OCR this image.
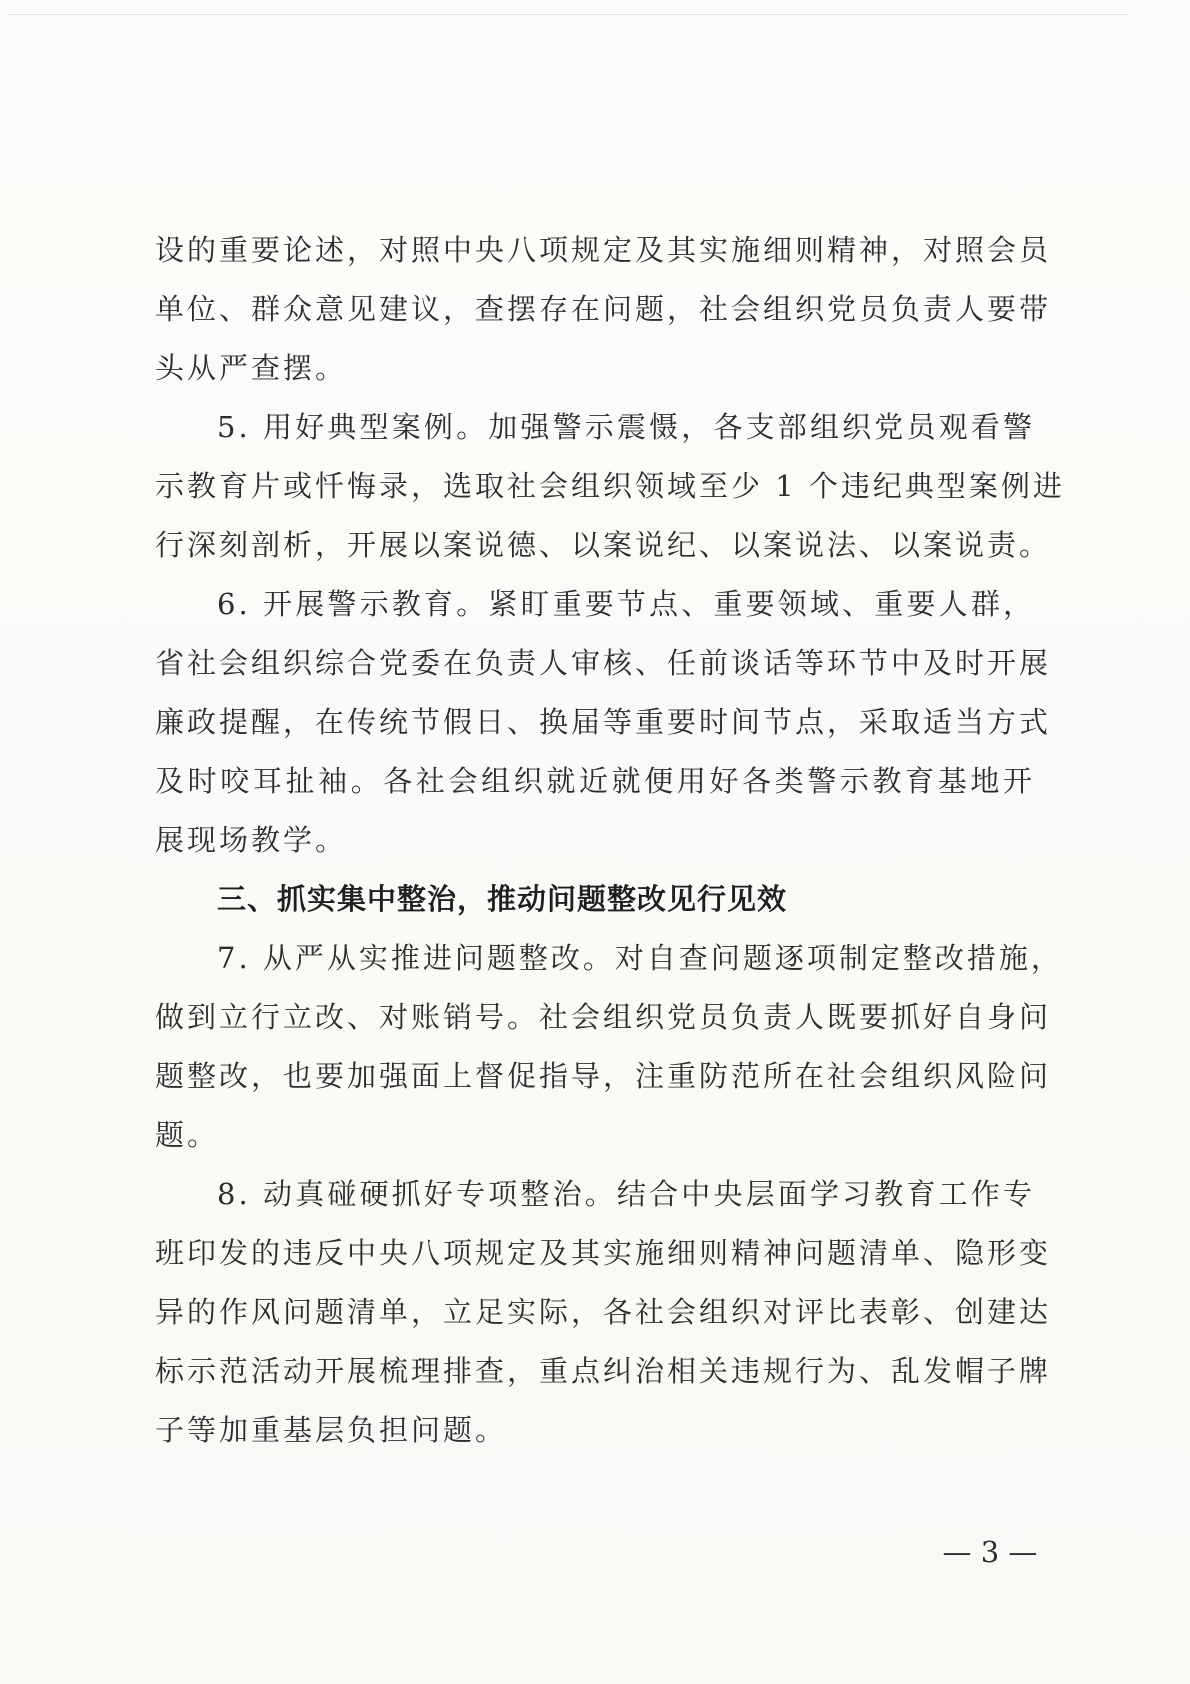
设的重要论述，对照中央八项规定及其实施细则精神，对照会员
单位、群众意见建议，查摆存在问题，社会组织党员负责人要带
头从严查摆。
5. 用好典型案例。加强警示震慑，各支部组织党员观看警
示教育片或忏悔录，选取社会组织领域至少 1 个违纪典型案例进
行深刻剖析，开展以案说德、以案说纪、以案说法、以案说责。
6. 开展警示教育。紧盯重要节点、重要领域、重要人群，
省社会组织综合党委在负责人审核、任前谈话等环节中及时开展
廉政提醒，在传统节假日、换届等重要时间节点，采取适当方式
及时咬耳扯袖。各社会组织就近就便用好各类警示教育基地开
展现场教学。
三、抓实集中整治，推动问题整改见行见效
7. 从严从实推进问题整改。对自查问题逐项制定整改措施，
做到立行立改、对账销号。社会组织党员负责人既要抓好自身问
题整改，也要加强面上督促指导，注重防范所在社会组织风险问
题。
8. 动真碰硬抓好专项整治。结合中央层面学习教育工作专
班印发的违反中央八项规定及其实施细则精神问题清单、隐形变
异的作风问题清单，立足实际，各社会组织对评比表彰、创建达
标示范活动开展梳理排查，重点纠治相关违规行为、乱发帽子牌
子等加重基层负担问题。
— 3 —
